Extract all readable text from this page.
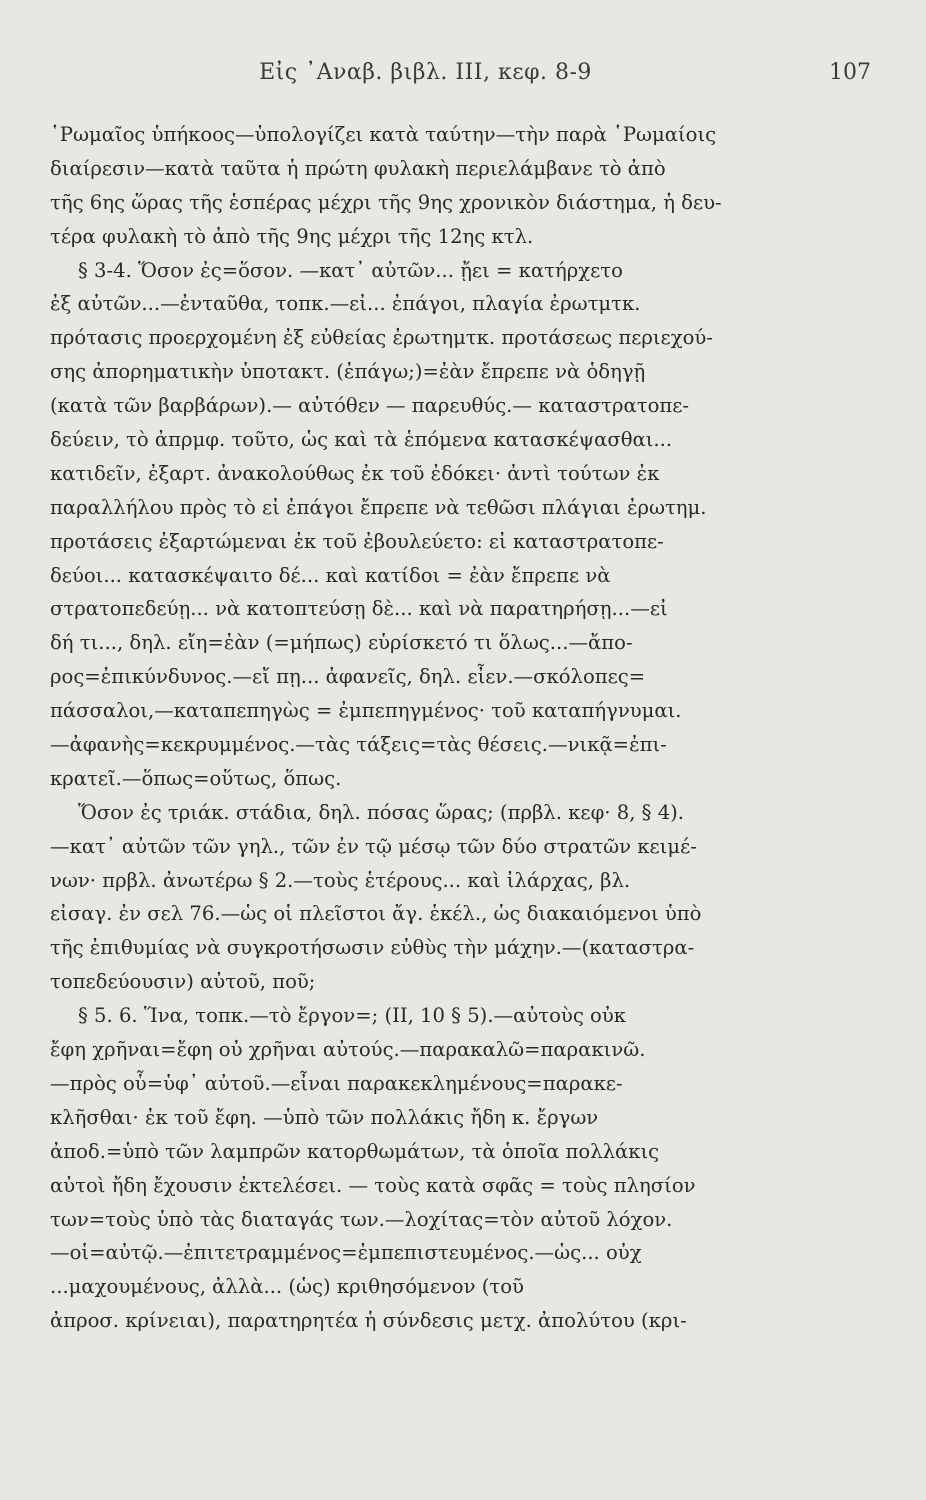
Εἰς ᾿Αναβ. βιβλ. ΙΙΙ, κεφ. 8-9	107
῾Ρωμαῖος ὑπήκοος—ὑπολογίζει κατὰ ταύτην—τὴν παρὰ ῾Ρωμαίοις
διαίρεσιν—κατὰ ταῦτα ἡ πρώτη φυλακὴ περιελάμβανε τὸ ἀπὸ
τῆς 6ης ὥρας τῆς ἑσπέρας μέχρι τῆς 9ης χρονικὸν διάστημα, ἡ δευ-
τέρα φυλακὴ τὸ ἀπὸ τῆς 9ης μέχρι τῆς 12ης κτλ.
§ 3-4. Ὅσον ἐς=ὅσον. —κατ᾿ αὐτῶν... ᾔει = κατήρχετο
ἐξ αὐτῶν...—ἐνταῦθα, τοπκ.—εἰ... ἐπάγοι, πλαγία ἐρωτμτκ.
πρότασις προερχομένη ἐξ εὐθείας ἐρωτημτκ. προτάσεως περιεχού-
σης ἀπορηματικὴν ὑποτακτ. (ἐπάγω;)=ἐὰν ἔπρεπε νὰ ὁδηγῇ
(κατὰ τῶν βαρβάρων).— αὐτόθεν — παρευθύς.— καταστρατοπε-
δεύειν, τὸ ἀπρμφ. τοῦτο, ὡς καὶ τὰ ἑπόμενα κατασκέψασθαι...
κατιδεῖν, ἐξαρτ. ἀνακολούθως ἐκ τοῦ ἐδόκει· ἀντὶ τούτων ἐκ
παραλλήλου πρὸς τὸ εἰ ἐπάγοι ἔπρεπε νὰ τεθῶσι πλάγιαι ἐρωτημ.
προτάσεις ἐξαρτώμεναι ἐκ τοῦ ἐβουλεύετο: εἰ καταστρατοπε-
δεύοι... κατασκέψαιτο δέ... καὶ κατίδοι = ἐὰν ἔπρεπε νὰ
στρατοπεδεύῃ... νὰ κατοπτεύσῃ δὲ... καὶ νὰ παρατηρήσῃ...—εἰ
δή τι..., δηλ. εἴη=ἐὰν (=μήπως) εὑρίσκετό τι ὅλως...—ἄπο-
ρος=ἐπικύνδυνος.—εἴ πῃ... ἀφανεῖς, δηλ. εἶεν.—σκόλοπες=
πάσσαλοι,—καταπεπηγὼς = ἐμπεπηγμένος· τοῦ καταπήγνυμαι.
—ἀφανὴς=κεκρυμμένος.—τὰς τάξεις=τὰς θέσεις.—νικᾷ=ἐπι-
κρατεῖ.—ὅπως=οὕτως, ὅπως.
Ὅσον ἐς τριάκ. στάδια, δηλ. πόσας ὥρας; (πρβλ. κεφ· 8, § 4).
—κατ᾿ αὐτῶν τῶν γηλ., τῶν ἐν τῷ μέσῳ τῶν δύο στρατῶν κειμέ-
νων· πρβλ. ἀνωτέρω § 2.—τοὺς ἑτέρους... καὶ ἰλάρχας, βλ.
εἰσαγ. ἐν σελ 76.—ὡς οἱ πλεῖστοι ἄγ. ἑκέλ., ὡς διακαιόμενοι ὑπὸ
τῆς ἐπιθυμίας νὰ συγκροτήσωσιν εὐθὺς τὴν μάχην.—(καταστρα-
τοπεδεύουσιν) αὐτοῦ, ποῦ;
§ 5. 6. Ἵνα, τοπκ.—τὸ ἔργον=; (ΙΙ, 10 § 5).—αὐτοὺς οὐκ
ἔφη χρῆναι=ἔφη οὐ χρῆναι αὐτούς.—παρακαλῶ=παρακινῶ.
—πρὸς οὗ=ὑφ᾿ αὐτοῦ.—εἶναι παρακεκλημένους=παρακε-
κλῆσθαι· ἐκ τοῦ ἔφη. —ὑπὸ τῶν πολλάκις ἤδη κ. ἔργων
ἀποδ.=ὑπὸ τῶν λαμπρῶν κατορθωμάτων, τὰ ὁποῖα πολλάκις
αὐτοὶ ἤδη ἔχουσιν ἐκτελέσει. — τοὺς κατὰ σφᾶς = τοὺς πλησίον
των=τοὺς ὑπὸ τὰς διαταγάς των.—λοχίτας=τὸν αὐτοῦ λόχον.
—οἱ=αὐτῷ.—ἐπιτετραμμένος=ἐμπεπιστευμένος.—ὡς... οὐχ
...μαχουμένους, ἀλλὰ... (ὡς) κριθησόμενον (τοῦ
ἀπροσ. κρίνειαι), παρατηρητέα ἡ σύνδεσις μετχ. ἀπολύτου (κρι-
